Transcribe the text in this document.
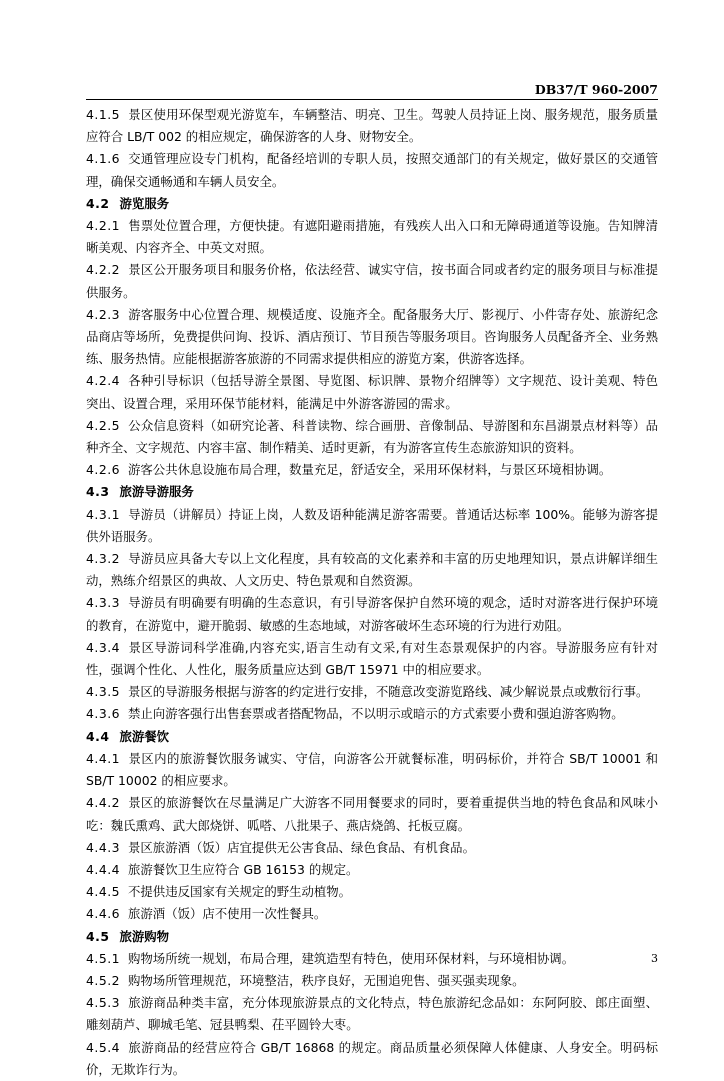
DB37/T 960-2007

4.1.5 景区使用环保型观光游览车，车辆整洁、明亮、卫生。驾驶人员持证上岗、服务规范，服务质量应符合 LB/T 002 的相应规定，确保游客的人身、财物安全。

4.1.6 交通管理应设专门机构，配备经培训的专职人员，按照交通部门的有关规定，做好景区的交通管理，确保交通畅通和车辆人员安全。

4.2 游览服务

4.2.1 售票处位置合理，方便快捷。有遮阳避雨措施，有残疾人出入口和无障碍通道等设施。告知牌清晰美观、内容齐全、中英文对照。

4.2.2 景区公开服务项目和服务价格，依法经营、诚实守信，按书面合同或者约定的服务项目与标准提供服务。

4.2.3 游客服务中心位置合理、规模适度、设施齐全。配备服务大厅、影视厅、小件寄存处、旅游纪念品商店等场所，免费提供问询、投诉、酒店预订、节目预告等服务项目。咨询服务人员配备齐全、业务熟练、服务热情。应能根据游客旅游的不同需求提供相应的游览方案，供游客选择。

4.2.4 各种引导标识（包括导游全景图、导览图、标识牌、景物介绍牌等）文字规范、设计美观、特色突出、设置合理，采用环保节能材料，能满足中外游客游园的需求。

4.2.5 公众信息资料（如研究论著、科普读物、综合画册、音像制品、导游图和东昌湖景点材料等）品种齐全、文字规范、内容丰富、制作精美、适时更新，有为游客宣传生态旅游知识的资料。

4.2.6 游客公共休息设施布局合理，数量充足，舒适安全，采用环保材料，与景区环境相协调。

4.3 旅游导游服务

4.3.1 导游员（讲解员）持证上岗，人数及语种能满足游客需要。普通话达标率 100%。能够为游客提供外语服务。

4.3.2 导游员应具备大专以上文化程度，具有较高的文化素养和丰富的历史地理知识，景点讲解详细生动，熟练介绍景区的典故、人文历史、特色景观和自然资源。

4.3.3 导游员有明确要有明确的生态意识，有引导游客保护自然环境的观念，适时对游客进行保护环境的教育，在游览中，避开脆弱、敏感的生态地域，对游客破坏生态环境的行为进行劝阻。

4.3.4 景区导游词科学准确,内容充实,语言生动有文采,有对生态景观保护的内容。导游服务应有针对性，强调个性化、人性化，服务质量应达到 GB/T 15971 中的相应要求。

4.3.5 景区的导游服务根据与游客的约定进行安排，不随意改变游览路线、减少解说景点或敷衍行事。

4.3.6 禁止向游客强行出售套票或者搭配物品，不以明示或暗示的方式索要小费和强迫游客购物。

4.4 旅游餐饮

4.4.1 景区内的旅游餐饮服务诚实、守信，向游客公开就餐标准，明码标价，并符合 SB/T 10001 和 SB/T 10002 的相应要求。

4.4.2 景区的旅游餐饮在尽量满足广大游客不同用餐要求的同时，要着重提供当地的特色食品和风味小吃：魏氏熏鸡、武大郎烧饼、呱嗒、八批果子、燕店烧鸽、托板豆腐。

4.4.3 景区旅游酒（饭）店宜提供无公害食品、绿色食品、有机食品。

4.4.4 旅游餐饮卫生应符合 GB 16153 的规定。

4.4.5 不提供违反国家有关规定的野生动植物。

4.4.6 旅游酒（饭）店不使用一次性餐具。

4.5 旅游购物

4.5.1 购物场所统一规划，布局合理，建筑造型有特色，使用环保材料，与环境相协调。

4.5.2 购物场所管理规范，环境整洁，秩序良好，无围追兜售、强买强卖现象。

4.5.3 旅游商品种类丰富，充分体现旅游景点的文化特点，特色旅游纪念品如：东阿阿胶、郎庄面塑、雕刻葫芦、聊城毛笔、冠县鸭梨、茌平圆铃大枣。

4.5.4 旅游商品的经营应符合 GB/T 16868 的规定。商品质量必须保障人体健康、人身安全。明码标价，无欺诈行为。

3
